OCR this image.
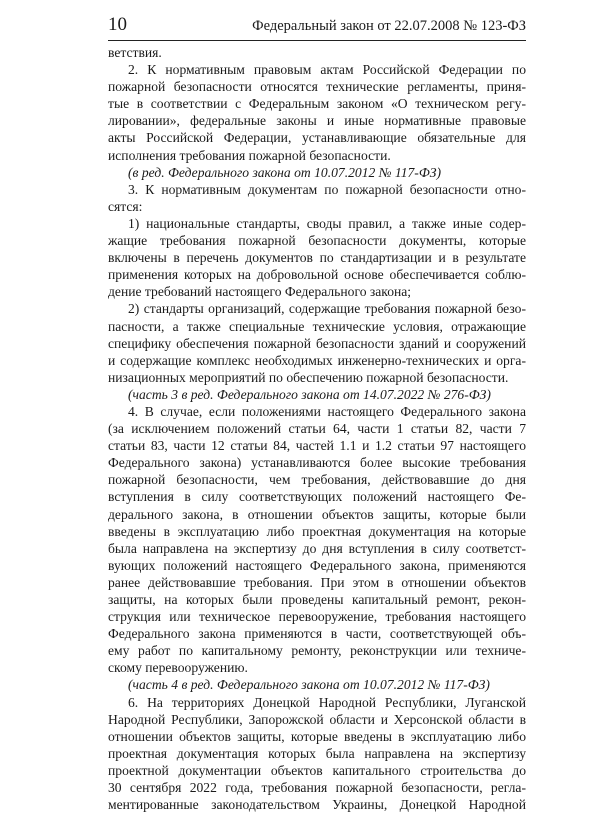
10	Федеральный закон от 22.07.2008 № 123-ФЗ
ветствия.
2. К нормативным правовым актам Российской Федерации по
пожарной безопасности относятся технические регламенты, приня-
тые в соответствии с Федеральным законом «О техническом регу-
лировании», федеральные законы и иные нормативные правовые
акты Российской Федерации, устанавливающие обязательные для
исполнения требования пожарной безопасности.
(в ред. Федерального закона от 10.07.2012 № 117-ФЗ)
3. К нормативным документам по пожарной безопасности отно-
сятся:
1) национальные стандарты, своды правил, а также иные содер-
жащие требования пожарной безопасности документы, которые
включены в перечень документов по стандартизации и в результате
применения которых на добровольной основе обеспечивается соблю-
дение требований настоящего Федерального закона;
2) стандарты организаций, содержащие требования пожарной безо-
пасности, а также специальные технические условия, отражающие
специфику обеспечения пожарной безопасности зданий и сооружений
и содержащие комплекс необходимых инженерно-технических и орга-
низационных мероприятий по обеспечению пожарной безопасности.
(часть 3 в ред. Федерального закона от 14.07.2022 № 276-ФЗ)
4. В случае, если положениями настоящего Федерального закона
(за исключением положений статьи 64, части 1 статьи 82, части 7
статьи 83, части 12 статьи 84, частей 1.1 и 1.2 статьи 97 настоящего
Федерального закона) устанавливаются более высокие требования
пожарной безопасности, чем требования, действовавшие до дня
вступления в силу соответствующих положений настоящего Фе-
дерального закона, в отношении объектов защиты, которые были
введены в эксплуатацию либо проектная документация на которые
была направлена на экспертизу до дня вступления в силу соответст-
вующих положений настоящего Федерального закона, применяются
ранее действовавшие требования. При этом в отношении объектов
защиты, на которых были проведены капитальный ремонт, рекон-
струкция или техническое перевооружение, требования настоящего
Федерального закона применяются в части, соответствующей объ-
ему работ по капитальному ремонту, реконструкции или техниче-
скому перевооружению.
(часть 4 в ред. Федерального закона от 10.07.2012 № 117-ФЗ)
6. На территориях Донецкой Народной Республики, Луганской
Народной Республики, Запорожской области и Херсонской области в
отношении объектов защиты, которые введены в эксплуатацию либо
проектная документация которых была направлена на экспертизу
проектной документации объектов капитального строительства до
30 сентября 2022 года, требования пожарной безопасности, регла-
ментированные законодательством Украины, Донецкой Народной
